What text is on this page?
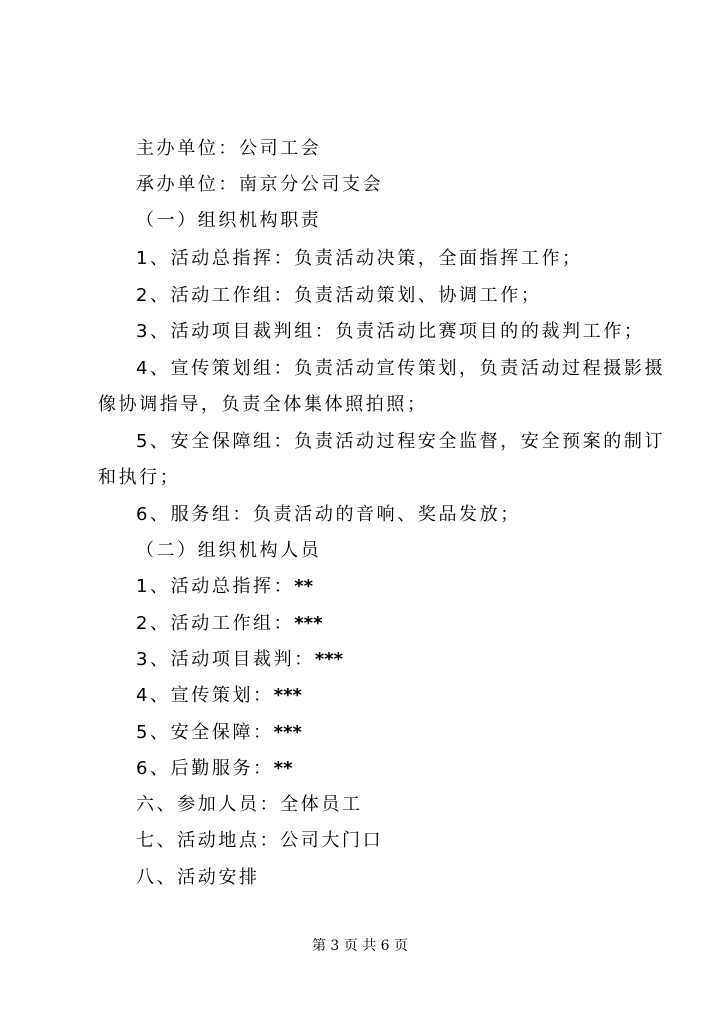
主办单位：公司工会
承办单位：南京分公司支会
（一）组织机构职责
1、活动总指挥：负责活动决策，全面指挥工作；
2、活动工作组：负责活动策划、协调工作；
3、活动项目裁判组：负责活动比赛项目的的裁判工作；
4、宣传策划组：负责活动宣传策划，负责活动过程摄影摄
像协调指导，负责全体集体照拍照；
5、安全保障组：负责活动过程安全监督，安全预案的制订
和执行；
6、服务组：负责活动的音响、奖品发放；
（二）组织机构人员
1、活动总指挥：**
2、活动工作组：***
3、活动项目裁判：***
4、宣传策划：***
5、安全保障：***
6、后勤服务：**
六、参加人员：全体员工
七、活动地点：公司大门口
八、活动安排
第 3 页 共 6 页
